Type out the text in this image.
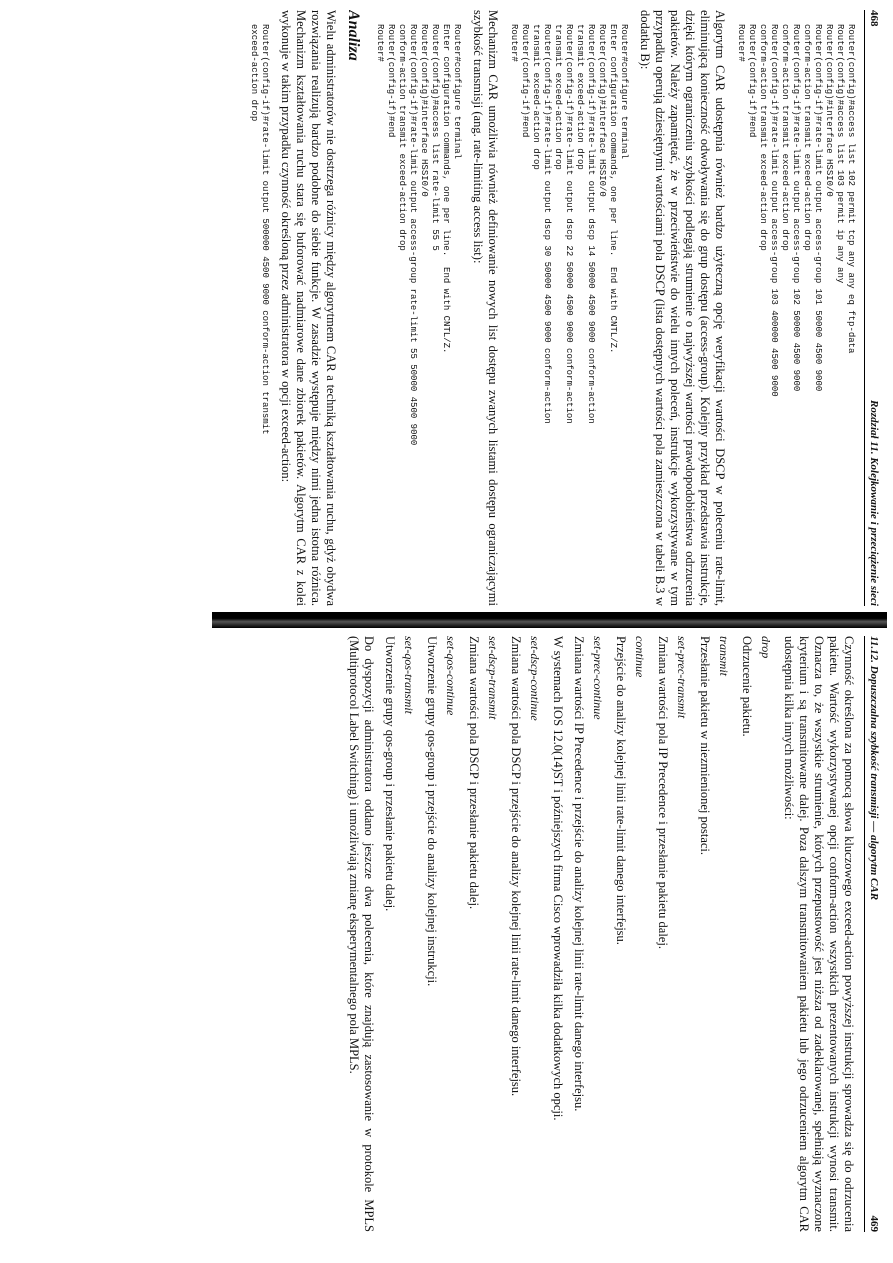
468
Rozdział 11. Kolejkowanie i przeciążenie sieci
Router(config)#access list 102 permit tcp any any eq ftp-data
Router(config)#access list 103 permit ip any any
Router(config)#interface HSSI0/0
Router(config-if)#rate-limit output access-group 101 50000 4500 9000
conform-action transmit exceed-action drop
Router(config-if)#rate-limit output access-group 102 50000 4500 9000
conform-action transmit exceed-action drop
Router(config-if)#rate-limit output access-group 103 400000 4500 9000
conform-action transmit exceed-action drop
Router(config-if)#end
Router#

Algorytm CAR udostępnia również bardzo użyteczną opcję weryfikacji wartości DSCP w poleceniu rate-limit, eliminującą konieczność odwoływania się do grup dostępu (access-group). Kolejny przykład przedstawia instrukcje, dzięki którym ograniczeniu szybkości podlegają strumienie o najwyższej wartości prawdopodobieństwa odrzucenia pakietów. Należy zapamiętać, że w przeciwieństwie do wielu innych poleceń, instrukcje wykorzystywane w tym przypadku operują dziesiętnymi wartościami pola DSCP (lista dostępnych wartości pola zamieszczona w tabeli B.3 w dodatku B):

Router#configure terminal
Enter configuration commands, one per line.  End with CNTL/Z.
Router(config)#interface HSSI0/0
Router(config-if)#rate-limit output dscp 14 50000 4500 9000 conform-action
transmit exceed-action drop
Router(config-if)#rate-limit output dscp 22 50000 4500 9000 conform-action
transmit exceed-action drop
Router(config-if)#rate-limit output dscp 30 50000 4500 9000 conform-action
transmit exceed-action drop
Router(config-if)#end
Router#

Mechanizm CAR umożliwia również definiowanie nowych list dostępu zwanych listami dostępu ograniczającymi szybkość transmisji (ang. rate-limiting access list):

Router#configure terminal
Enter configuration commands, one per line.  End with CNTL/Z.
Router(config)#access list rate-limit 55 5
Router(config)#interface HSSI0/0
Router(config-if)#rate-limit output access-group rate-limit 55 50000 4500 9000
conform-action transmit exceed-action drop
Router(config-if)#end
Router#
Analiza

Wielu administratorów nie dostrzega różnicy między algorytmem CAR a techniką kształtowania ruchu, gdyż obydwa rozwiązania realizują bardzo podobne do siebie funkcje. W zasadzie występuje między nimi jedna istotna różnica. Mechanizm kształtowania ruchu stara się buforować nadmiarowe dane zbiorek pakietów. Algorytm CAR z kolei wykonuje w takim przypadku czynność określoną przez administratora w opcji exceed-action:

Router(config-if)#rate-limit output 500000 4500 9000 conform-action transmit
exceed-action drop
11.12. Dopuszczalna szybkość transmisji — algorytm CAR
469

Czynność określona za pomocą słowa kluczowego exceed-action powyższej instrukcji sprowadza się do odrzucenia pakietu. Wartość wykorzystywanej opcji conform-action wszystkich prezentowanych instrukcji wynosi transmit. Oznacza to, że wszystkie strumienie, których przepustowość jest niższa od zadeklarowanej, spełniają wyznaczone kryterium i są transmitowane dalej. Poza dalszym transmitowaniem pakietu lub jego odrzuceniem algorytm CAR udostępnia kilka innych możliwości:

drop
Odrzucenie pakietu.
transmit
Przesłanie pakietu w niezmienionej postaci.
set-prec-transmit
Zmiana wartości pola IP Precedence i przesłanie pakietu dalej.
continue
Przejście do analizy kolejnej linii rate-limit danego interfejsu.
set-prec-continue
Zmiana wartości IP Precedence i przejście do analizy kolejnej linii rate-limit danego interfejsu.

W systemach IOS 12.0(14)ST i późniejszych firma Cisco wprowadziła kilka dodatkowych opcji.

set-dscp-continue
Zmiana wartości pola DSCP i przejście do analizy kolejnej linii rate-limit danego interfejsu.
set-dscp-transmit
Zmiana wartości pola DSCP i przesłanie pakietu dalej.
set-qos-continue
Utworzenie grupy qos-group i przejście do analizy kolejnej instrukcji.
set-qos-transmit
Utworzenie grupy qos-group i przesłanie pakietu dalej.

Do dyspozycji administratora oddano jeszcze dwa polecenia, które znajdują zastosowanie w protokole MPLS (Multiprotocol Label Switching) i umożliwiają zmianę eksperymentalnego pola MPLS.
